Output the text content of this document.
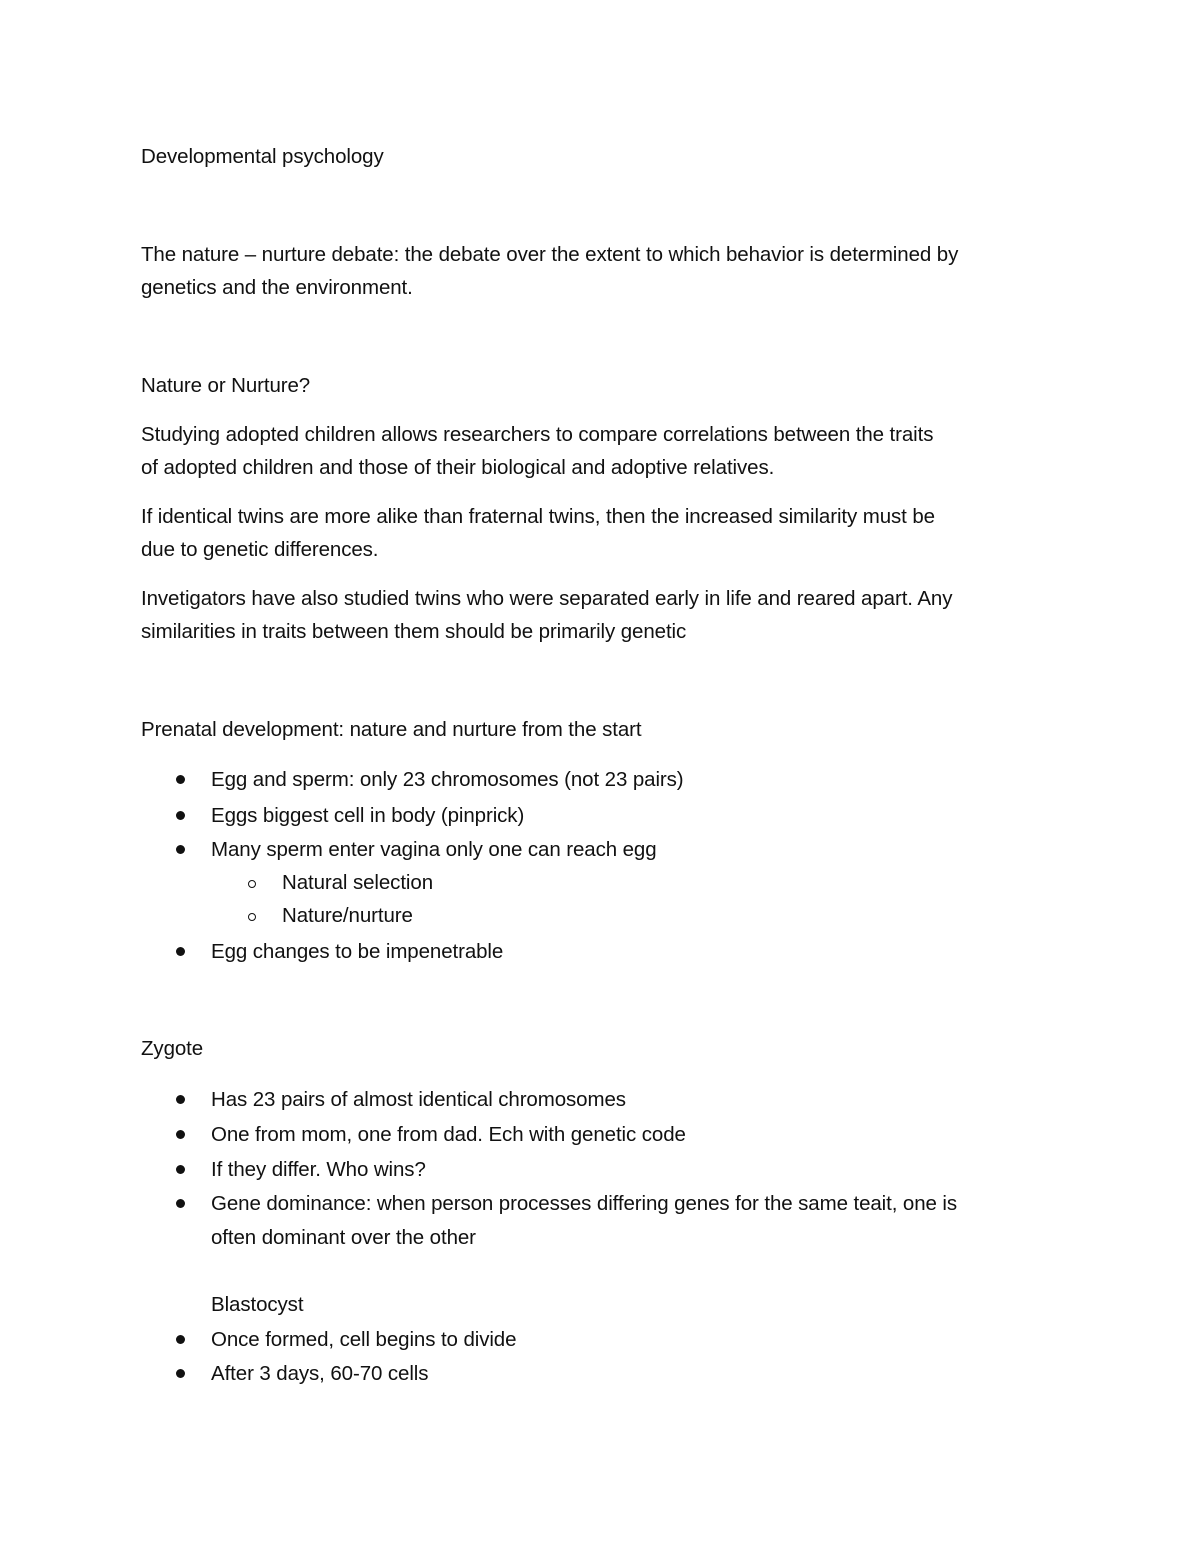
Developmental psychology
The nature – nurture debate: the debate over the extent to which behavior is determined by
genetics and the environment.
Nature or Nurture?
Studying adopted children allows researchers to compare correlations between the traits
of adopted children and those of their biological and adoptive relatives.
If identical twins are more alike than fraternal twins, then the increased similarity must be
due to genetic differences.
Invetigators have also studied twins who were separated early in life and reared apart. Any
similarities in traits between them should be primarily genetic
Prenatal development: nature and nurture from the start
Egg and sperm: only 23 chromosomes (not 23 pairs)
Eggs biggest cell in body (pinprick)
Many sperm enter vagina only one can reach egg
Natural selection
Nature/nurture
Egg changes to be impenetrable
Zygote
Has 23 pairs of almost identical chromosomes
One from mom, one from dad. Ech with genetic code
If they differ. Who wins?
Gene dominance: when person processes differing genes for the same teait, one is
often dominant over the other
Blastocyst
Once formed, cell begins to divide
After 3 days, 60-70 cells
